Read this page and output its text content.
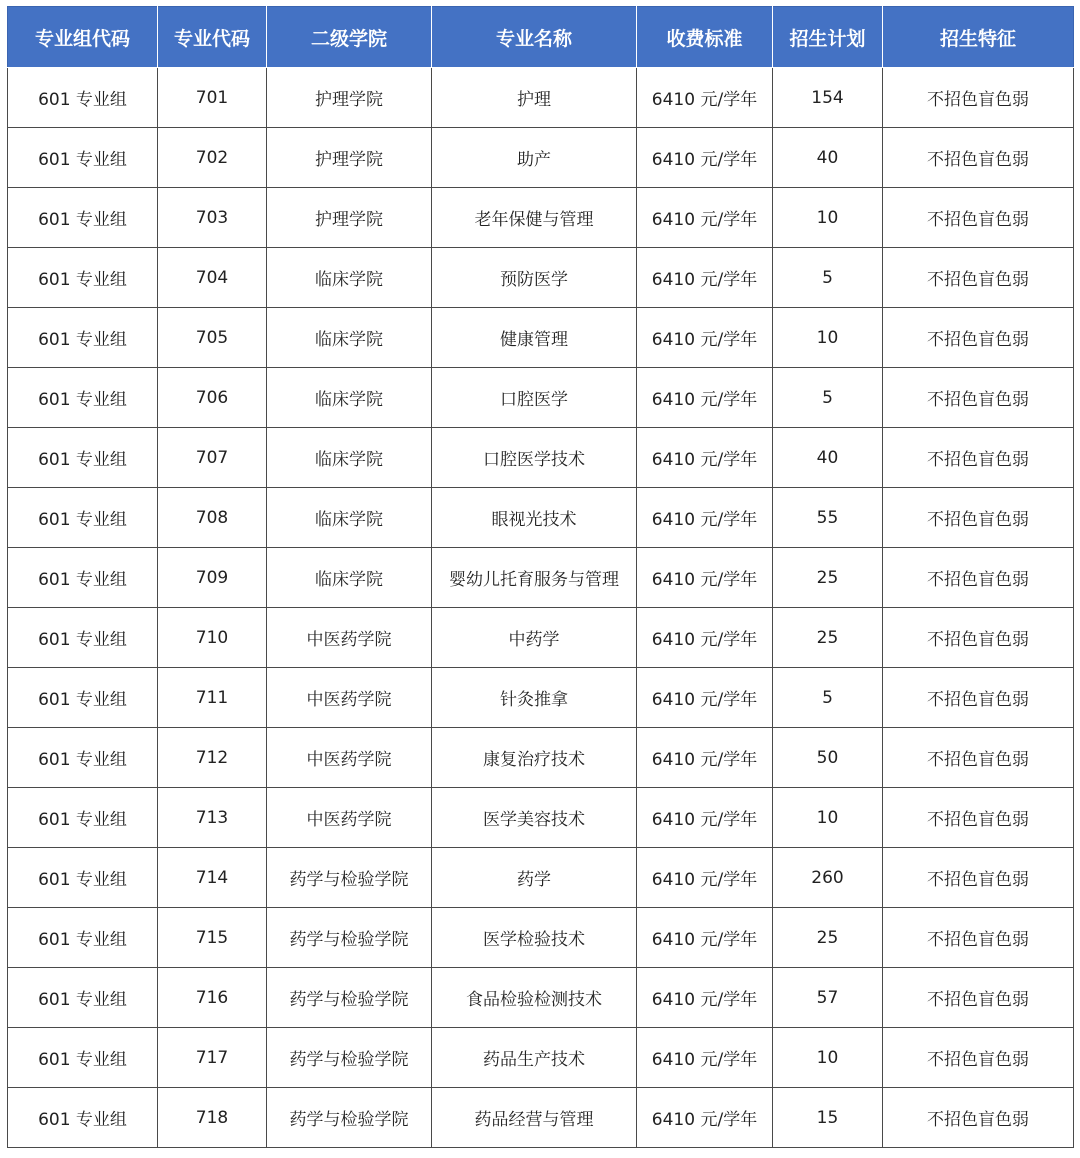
专业组代码	专业代码	二级学院	专业名称	收费标准	招生计划	招生特征
601 专业组	701	护理学院	护理	6410 元/学年	154	不招色盲色弱
601 专业组	702	护理学院	助产	6410 元/学年	40	不招色盲色弱
601 专业组	703	护理学院	老年保健与管理	6410 元/学年	10	不招色盲色弱
601 专业组	704	临床学院	预防医学	6410 元/学年	5	不招色盲色弱
601 专业组	705	临床学院	健康管理	6410 元/学年	10	不招色盲色弱
601 专业组	706	临床学院	口腔医学	6410 元/学年	5	不招色盲色弱
601 专业组	707	临床学院	口腔医学技术	6410 元/学年	40	不招色盲色弱
601 专业组	708	临床学院	眼视光技术	6410 元/学年	55	不招色盲色弱
601 专业组	709	临床学院	婴幼儿托育服务与管理	6410 元/学年	25	不招色盲色弱
601 专业组	710	中医药学院	中药学	6410 元/学年	25	不招色盲色弱
601 专业组	711	中医药学院	针灸推拿	6410 元/学年	5	不招色盲色弱
601 专业组	712	中医药学院	康复治疗技术	6410 元/学年	50	不招色盲色弱
601 专业组	713	中医药学院	医学美容技术	6410 元/学年	10	不招色盲色弱
601 专业组	714	药学与检验学院	药学	6410 元/学年	260	不招色盲色弱
601 专业组	715	药学与检验学院	医学检验技术	6410 元/学年	25	不招色盲色弱
601 专业组	716	药学与检验学院	食品检验检测技术	6410 元/学年	57	不招色盲色弱
601 专业组	717	药学与检验学院	药品生产技术	6410 元/学年	10	不招色盲色弱
601 专业组	718	药学与检验学院	药品经营与管理	6410 元/学年	15	不招色盲色弱
